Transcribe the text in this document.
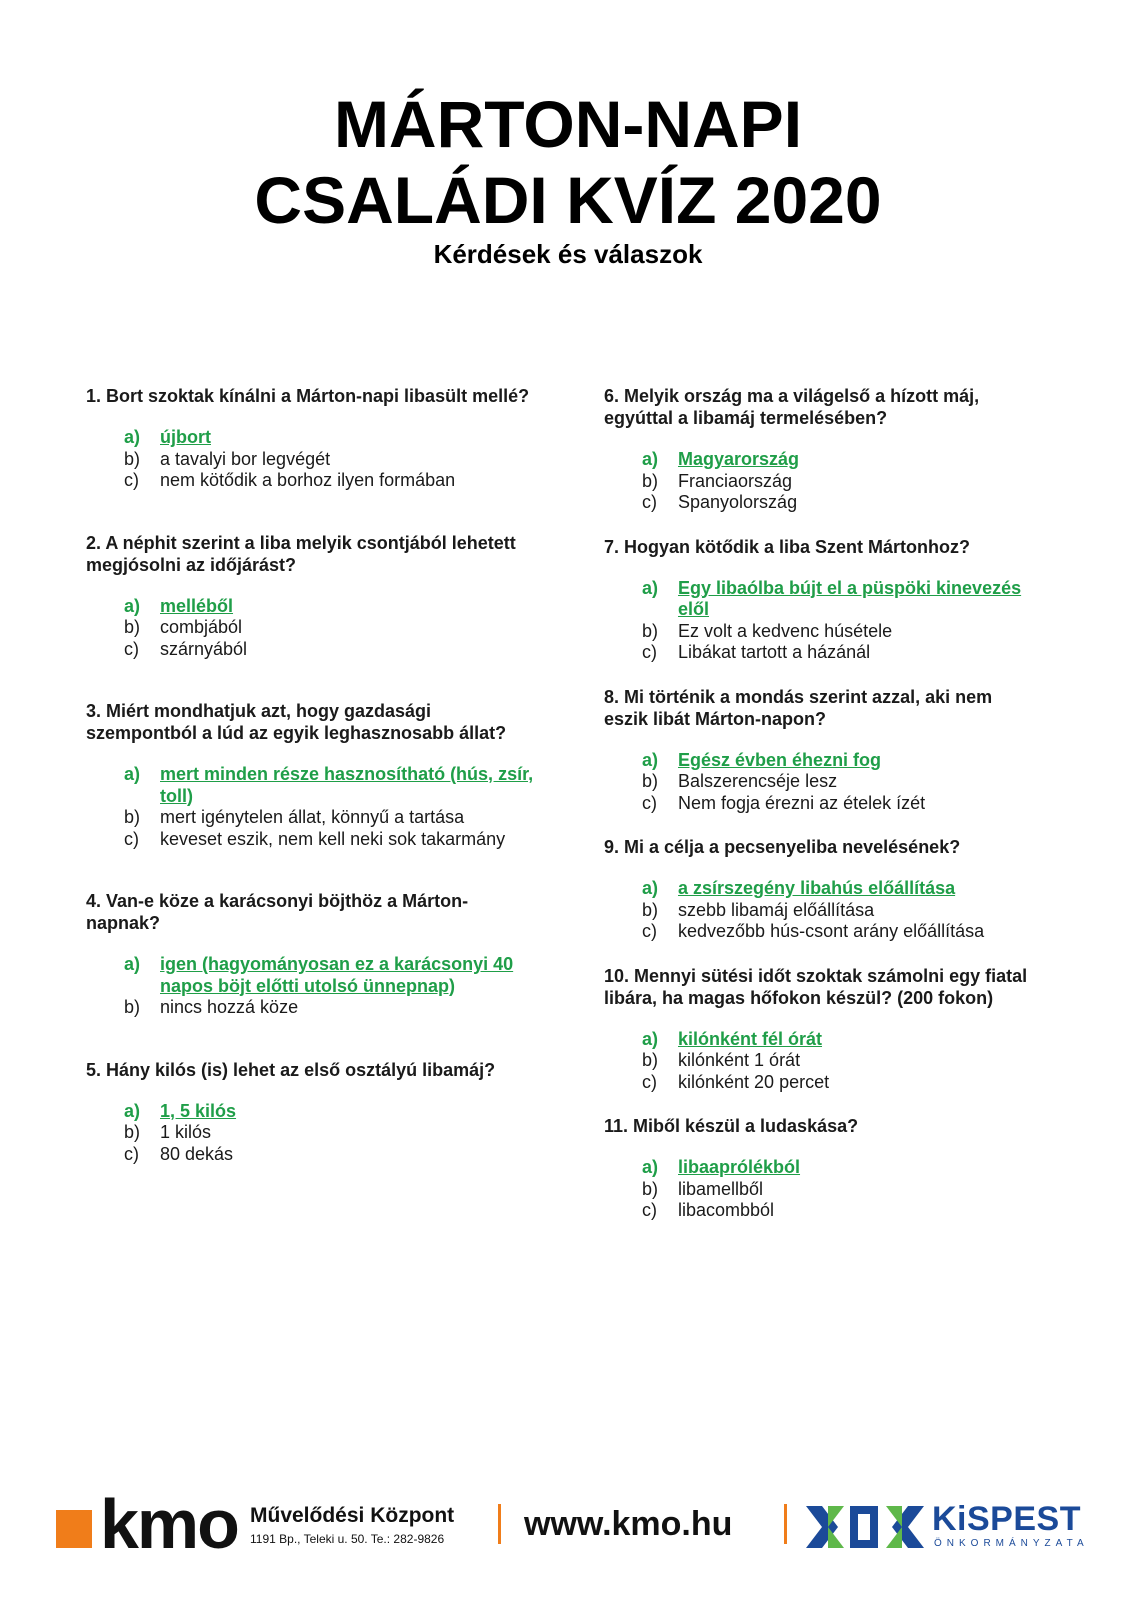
MÁRTON-NAPI
CSALÁDI KVÍZ 2020
Kérdések és válaszok

1. Bort szoktak kínálni a Márton-napi libasült mellé?

a) újbort
b) a tavalyi bor legvégét
c) nem kötődik a borhoz ilyen formában

2. A néphit szerint a liba melyik csontjából lehetett megjósolni az időjárást?

a) melléből
b) combjából
c) szárnyából

3. Miért mondhatjuk azt, hogy gazdasági szempontból a lúd az egyik leghasznosabb állat?

a) mert minden része hasznosítható (hús, zsír, toll)
b) mert igénytelen állat, könnyű a tartása
c) keveset eszik, nem kell neki sok takarmány

4. Van-e köze a karácsonyi böjthöz a Márton-napnak?

a) igen (hagyományosan ez a karácsonyi 40 napos böjt előtti utolsó ünnepnap)
b) nincs hozzá köze

5. Hány kilós (is) lehet az első osztályú libamáj?

a) 1, 5 kilós
b) 1 kilós
c) 80 dekás

6. Melyik ország ma a világelső a hízott máj, egyúttal a libamáj termelésében?

a) Magyarország
b) Franciaország
c) Spanyolország

7. Hogyan kötődik a liba Szent Mártonhoz?

a) Egy libaólba bújt el a püspöki kinevezés elől
b) Ez volt a kedvenc húsétele
c) Libákat tartott a házánál

8. Mi történik a mondás szerint azzal, aki nem eszik libát Márton-napon?

a) Egész évben éhezni fog
b) Balszerencséje lesz
c) Nem fogja érezni az ételek ízét

9. Mi a célja a pecsenyeliba nevelésének?

a) a zsírszegény libahús előállítása
b) szebb libamáj előállítása
c) kedvezőbb hús-csont arány előállítása

10. Mennyi sütési időt szoktak számolni egy fiatal libára, ha magas hőfokon készül? (200 fokon)

a) kilónként fél órát
b) kilónként 1 órát
c) kilónként 20 percet

11. Miből készül a ludaskása?

a) libaaprólékból
b) libamellből
c) libacombból
kmo Művelődési Központ
1191 Bp., Teleki u. 50. Te.: 282-9826 www.kmo.hu	KiSPEST
ÖNKORMÁNYZATA
